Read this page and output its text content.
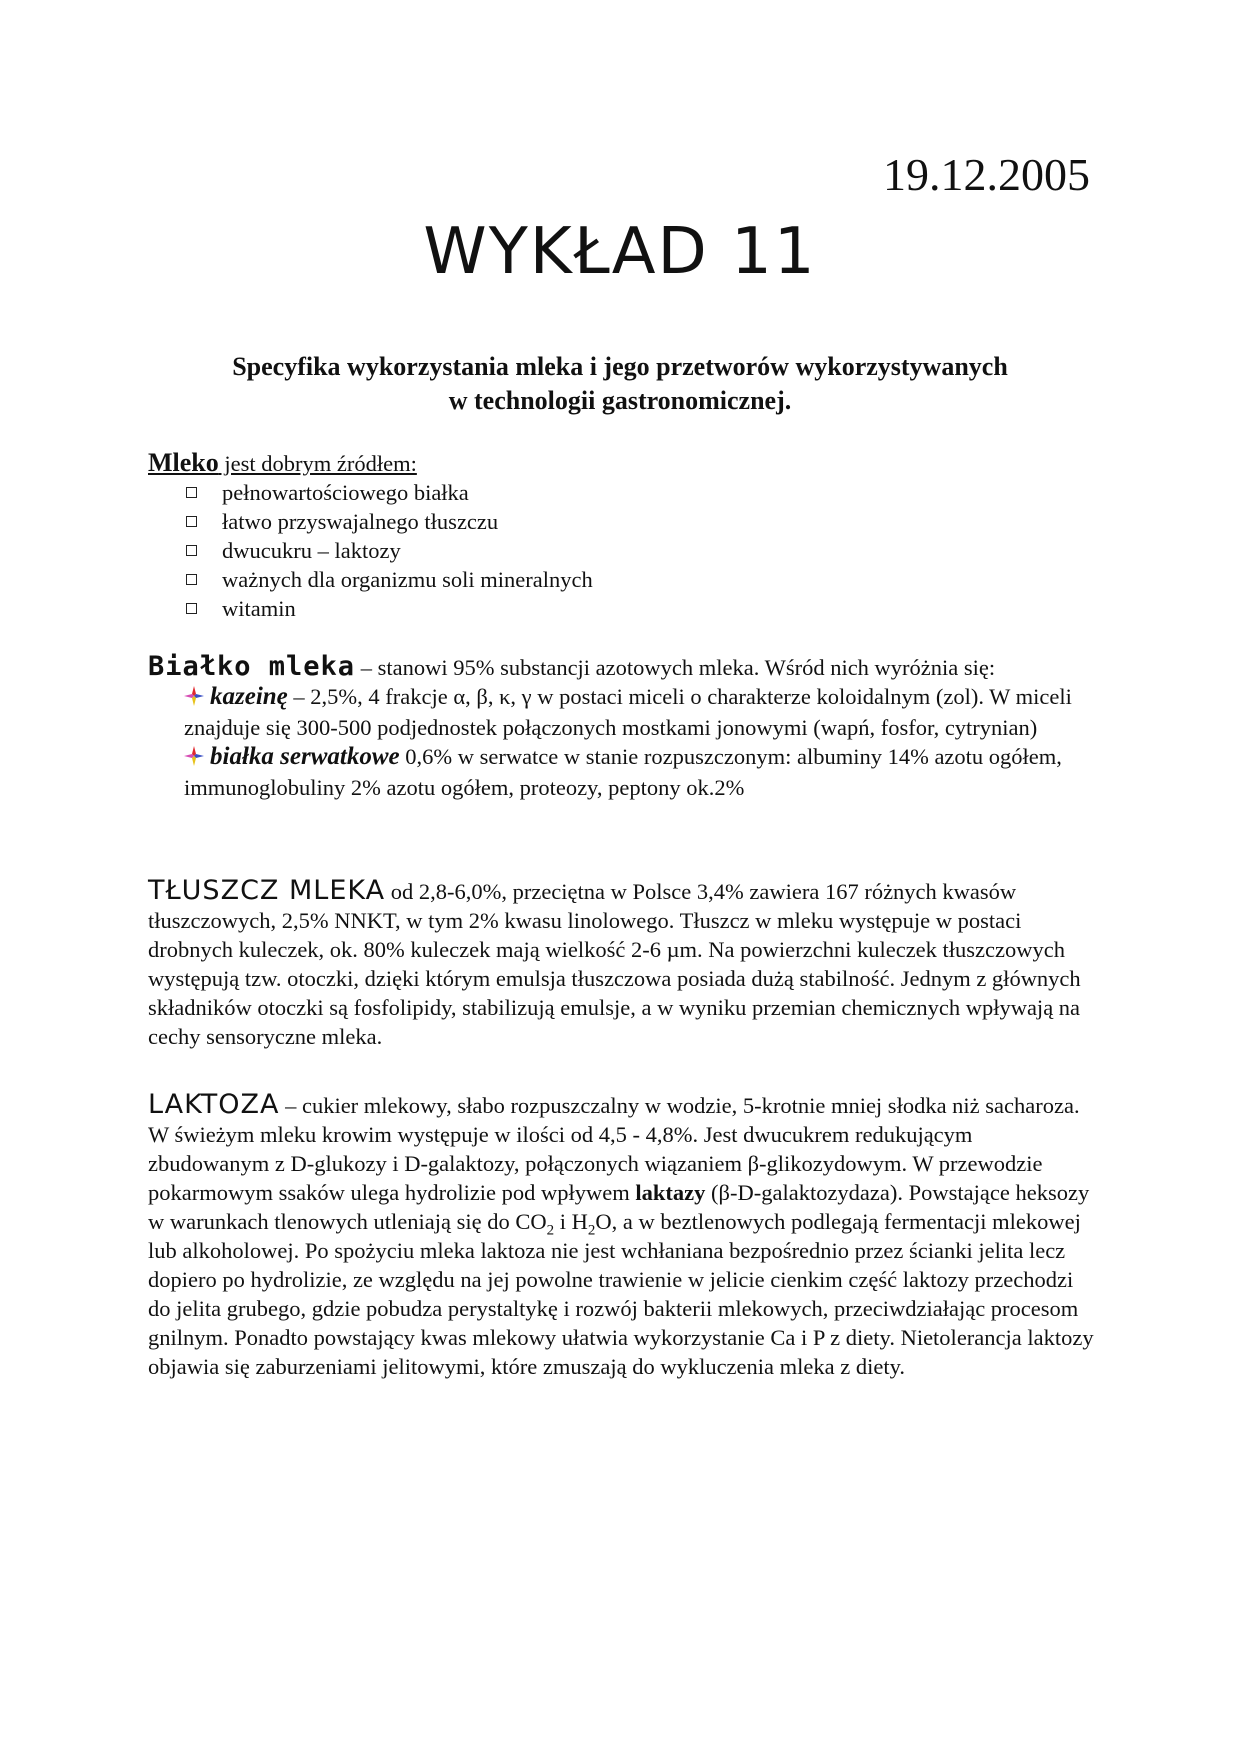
19.12.2005
WYKŁAD 11
Specyfika wykorzystania mleka i jego przetworów wykorzystywanych
w technologii gastronomicznej.
Mleko jest dobrym źródłem:
pełnowartościowego białka
łatwo przyswajalnego tłuszczu
dwucukru – laktozy
ważnych dla organizmu soli mineralnych
witamin
Białko mleka – stanowi 95% substancji azotowych mleka. Wśród nich wyróżnia się:
kazeinę – 2,5%, 4 frakcje α, β, κ, γ w postaci miceli o charakterze koloidalnym (zol). W miceli znajduje się 300-500 podjednostek połączonych mostkami jonowymi (wapń, fosfor, cytrynian)
białka serwatkowe 0,6% w serwatce w stanie rozpuszczonym: albuminy 14% azotu ogółem, immunoglobuliny 2% azotu ogółem, proteozy, peptony ok.2%
TŁUSZCZ MLEKA od 2,8-6,0%, przeciętna w Polsce 3,4% zawiera 167 różnych kwasów tłuszczowych, 2,5% NNKT, w tym 2% kwasu linolowego. Tłuszcz w mleku występuje w postaci drobnych kuleczek, ok. 80% kuleczek mają wielkość 2-6 µm. Na powierzchni kuleczek tłuszczowych występują tzw. otoczki, dzięki którym emulsja tłuszczowa posiada dużą stabilność. Jednym z głównych składników otoczki są fosfolipidy, stabilizują emulsje, a w wyniku przemian chemicznych wpływają na cechy sensoryczne mleka.
LAKTOZA – cukier mlekowy, słabo rozpuszczalny w wodzie, 5-krotnie mniej słodka niż sacharoza. W świeżym mleku krowim występuje w ilości od 4,5 - 4,8%. Jest dwucukrem redukującym zbudowanym z D-glukozy i D-galaktozy, połączonych wiązaniem β-glikozydowym. W przewodzie pokarmowym ssaków ulega hydrolizie pod wpływem laktazy (β-D-galaktozydaza). Powstające heksozy w warunkach tlenowych utleniają się do $CO_2$ i $H_2O$, a w beztlenowych podlegają fermentacji mlekowej lub alkoholowej. Po spożyciu mleka laktoza nie jest wchłaniana bezpośrednio przez ścianki jelita lecz dopiero po hydrolizie, ze względu na jej powolne trawienie w jelicie cienkim część laktozy przechodzi do jelita grubego, gdzie pobudza perystaltykę i rozwój bakterii mlekowych, przeciwdziałając procesom gnilnym. Ponadto powstający kwas mlekowy ułatwia wykorzystanie Ca i P z diety. Nietolerancja laktozy objawia się zaburzeniami jelitowymi, które zmuszają do wykluczenia mleka z diety.
